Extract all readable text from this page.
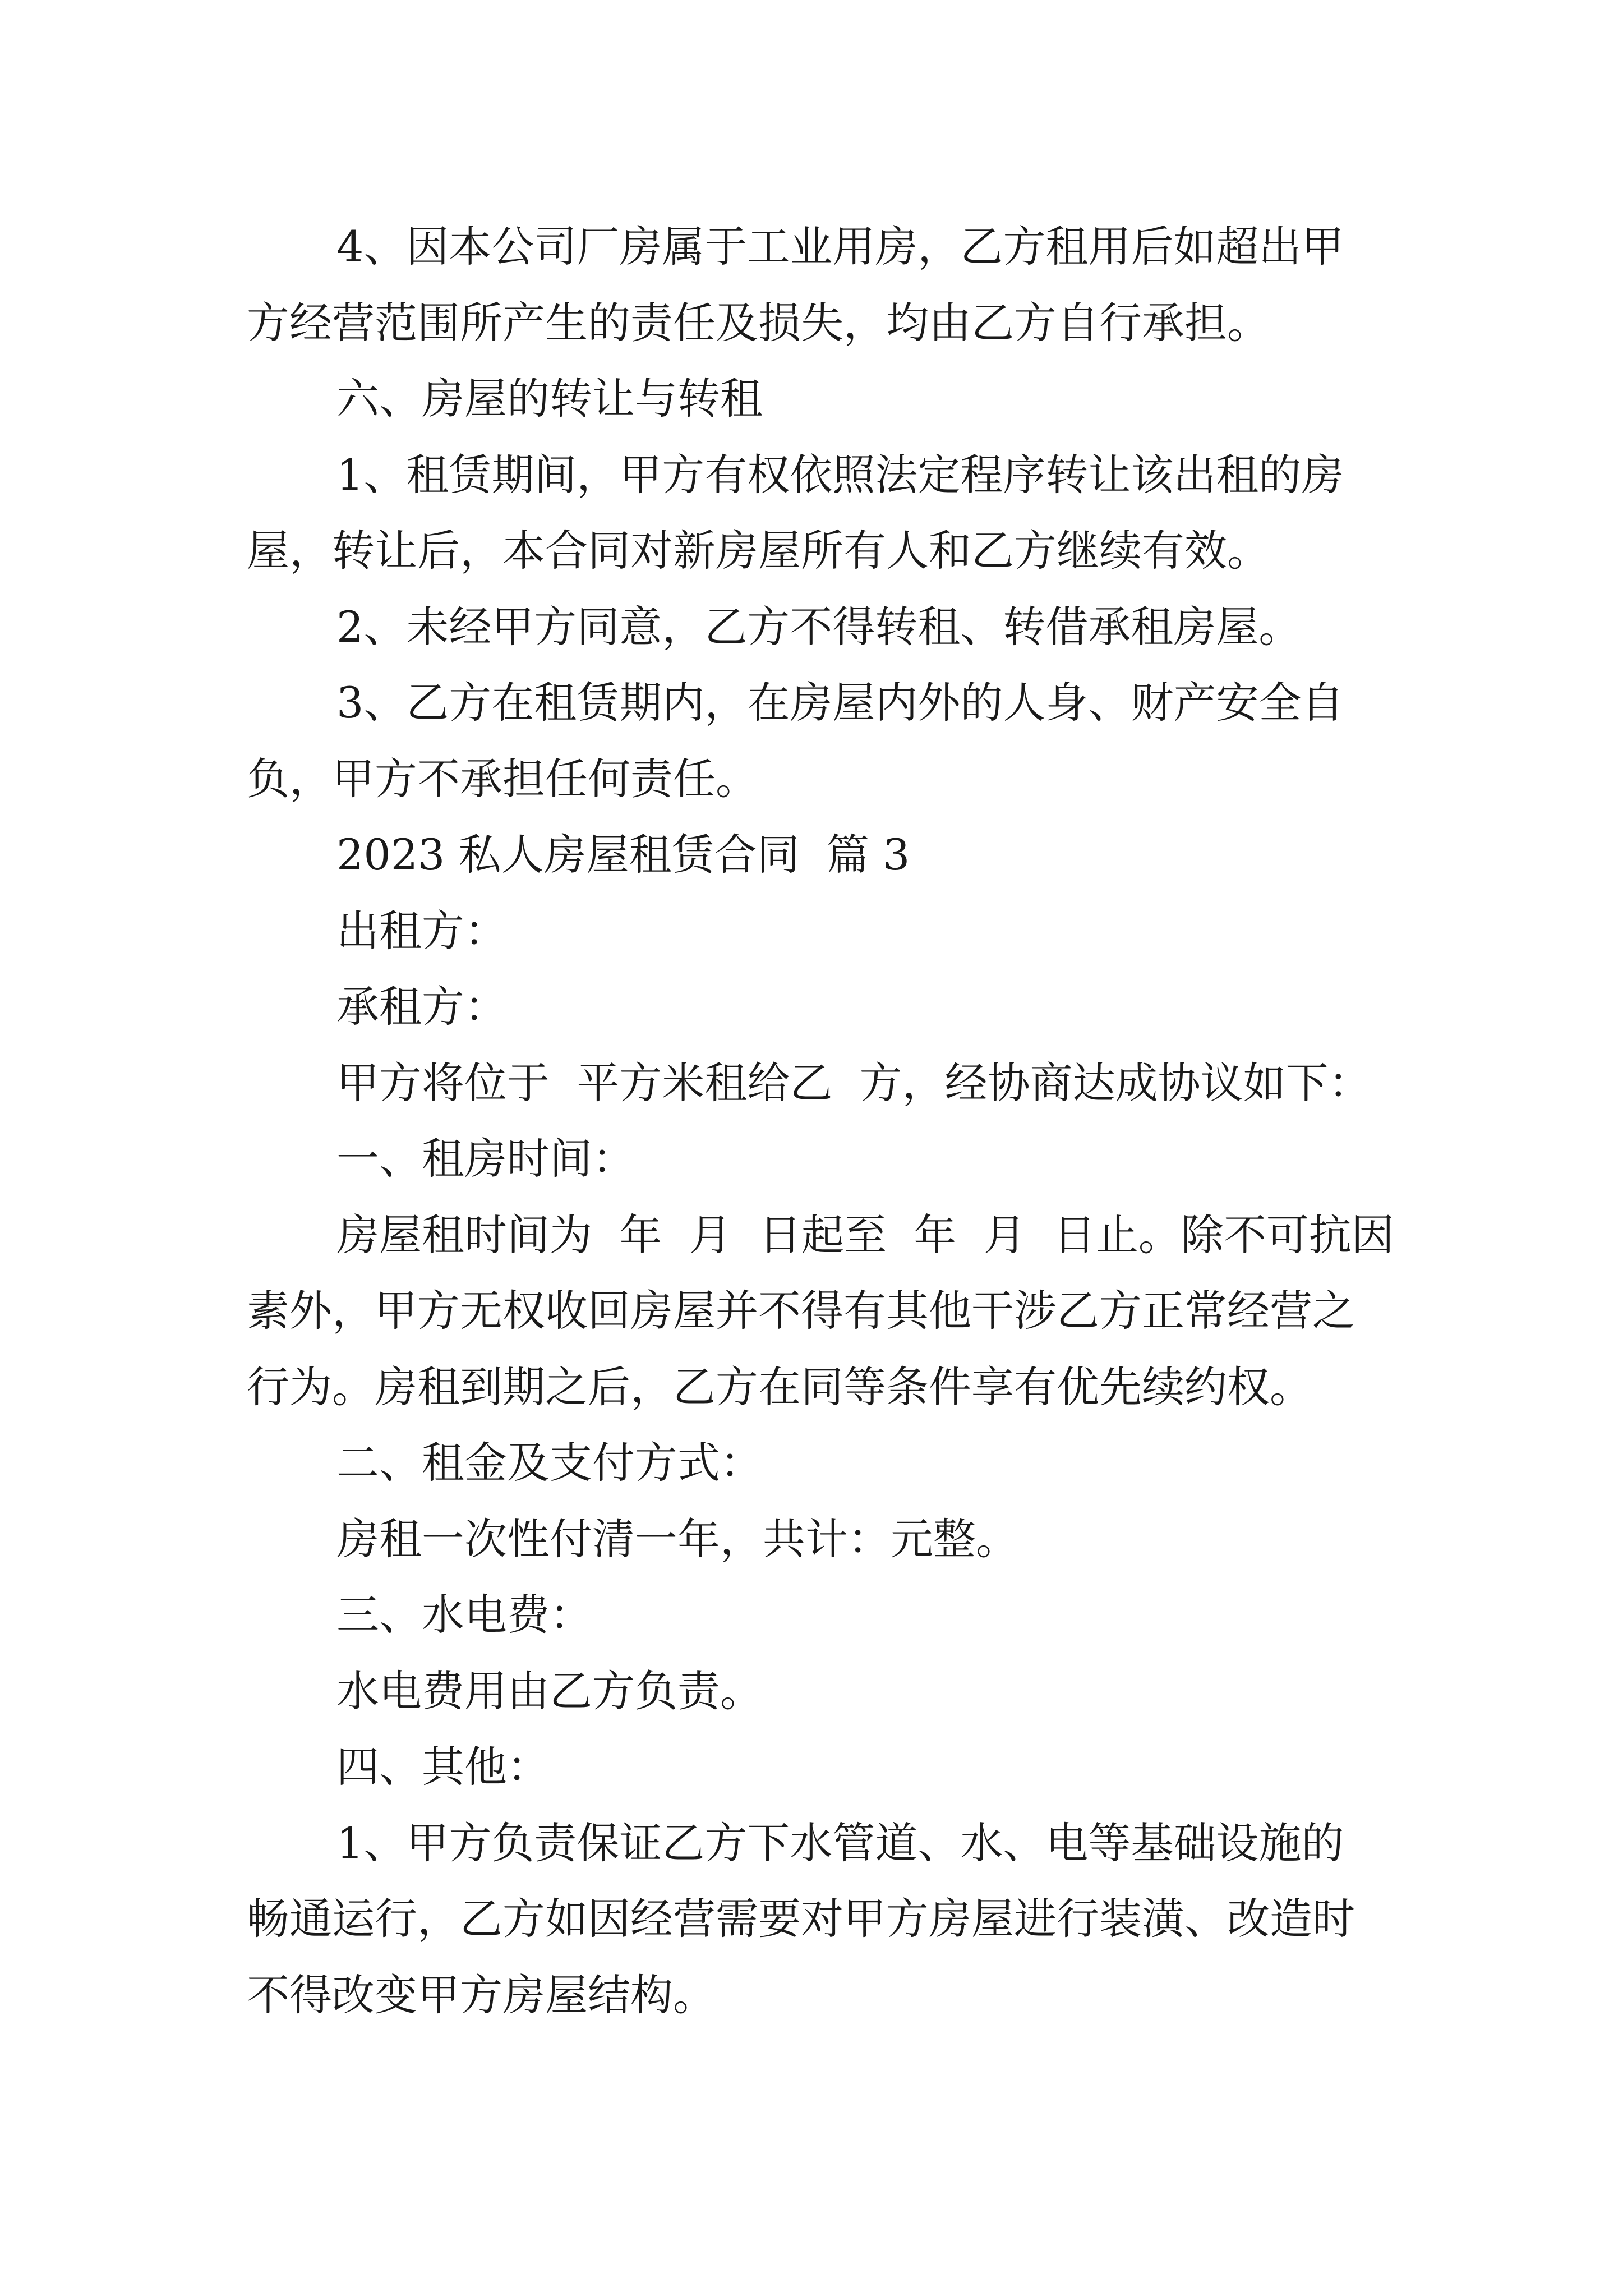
4、因本公司厂房属于工业用房，乙方租用后如超出甲

方经营范围所产生的责任及损失，均由乙方自行承担。

六、房屋的转让与转租

1、租赁期间，甲方有权依照法定程序转让该出租的房

屋，转让后，本合同对新房屋所有人和乙方继续有效。

2、未经甲方同意，乙方不得转租、转借承租房屋。

3、乙方在租赁期内，在房屋内外的人身、财产安全自

负，甲方不承担任何责任。

2023 私人房屋租赁合同  篇 3

出租方：

承租方：

甲方将位于  平方米租给乙  方，经协商达成协议如下：

一、租房时间：

房屋租时间为  年  月  日起至  年  月  日止。除不可抗因

素外，甲方无权收回房屋并不得有其他干涉乙方正常经营之

行为。房租到期之后，乙方在同等条件享有优先续约权。

二、租金及支付方式：

房租一次性付清一年，共计：元整。

三、水电费：

水电费用由乙方负责。

四、其他：

1、甲方负责保证乙方下水管道、水、电等基础设施的

畅通运行，乙方如因经营需要对甲方房屋进行装潢、改造时

不得改变甲方房屋结构。
